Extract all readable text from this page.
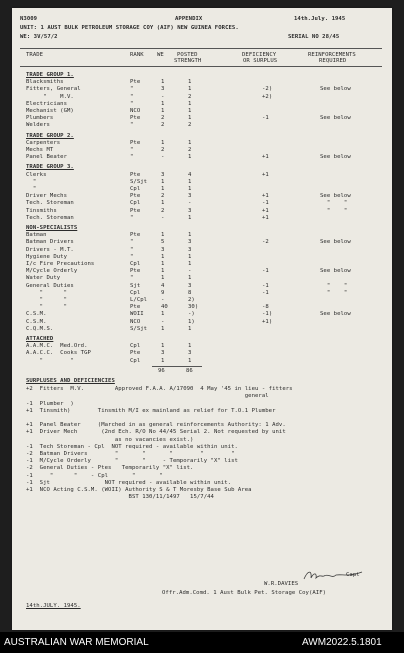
N3009	APPENDIX	14th.July. 1945
UNIT: 1 AUST BULK PETROLEUM STORAGE COY (AIF) NEW GUINEA FORCES.
WE: 3V/57/2	SERIAL NO 28/45
TRADE	RANK WE POSTED
STRENGTH
DEFICIENCY
OR SURPLUS
REINFORCEMENTS
REQUIRED
TRADE GROUP 1.
Blacksmiths	Pte	1	1
Fitters, General	"	3	1	-2)	See below
"    M.V.	"	-	2	+2)
Electricians	"	1	1
Mechanist (GM)	NCO	1	1
Plumbers	Pte	2	1	-1	See below
Welders	"	2	2
TRADE GROUP 2.
Carpenters	Pte	1	1
Mechs MT	"	2	2
Panel Beater	"	-	1	+1	See below
TRADE GROUP 3.
Clerks	Pte	3	4	+1
"	S/Sjt 1	1
"	Cpl	1	1
Driver Mechs	Pte	2	3	+1	See below
Tech. Storeman	Cpl	1	-	-1	"    "
Tinsmiths	Pte	2	3	+1	"    "
Tech. Storeman	"	-	1	+1
NON-SPECIALISTS
Batman	Pte	1	1
Batman Drivers	"	5	3	-2	See below
Drivers - M.T.	"	3	3
Hygiene Duty	"	1	1
I/c Fire Precautions	Cpl	1	1
M/Cycle Orderly	Pte	1	-	-1	See below
Water Duty	"	1	1
General Duties	Sjt	4	3	-1	"    "
"      "	Cpl	9	8	-1	"    "
"      "	L/Cpl -	2)
"      "	Pte	40	30)	-8
C.S.M.	WOII	1	-)	-1)	See below
C.S.M.	NCO	-	1)	+1)
C.Q.M.S.	S/Sjt 1	1
ATTACHED
A.A.M.C.  Med.Ord.	Cpl	1	1
A.A.C.C.  Cooks TGP	Pte	3	3
"        "	Cpl	1	1
96	86
SURPLUSES AND DEFICIENCIES
+2  Fitters  M.V.         Approved F.A.A. A/17090  4 May '45 in lieu - fitters
general
-1  Plumber  )
+1  Tinsmith)        Tinsmith M/I ex mainland as relief for T.O.1 Plumber
+1  Panel Beater     (Marched in as general reinforcements Authority: 1 Adv.
+1  Driver Mech       (2nd Ech. R/O No 44/45 Serial 2. Not requested by unit
as no vacancies exist.)
-1  Tech Storeman - Cpl  NOT required - available within unit.
-2  Batman Drivers        "       "       "        "        "
-1  M/Cycle Orderly       "       "     - Temporarily "X" list
-2  General Duties - Ptes   Temporarily "X" list.
-1     "      "    - Cpl       "       "
-1  Sjt                NOT required - available within unit.
+1  NCO Acting C.S.M. (WOII) Authority S & T Moresby Base Sub Area
BST 130/11/1497   15/7/44
Capt
W.R.DAVIES
Offr.Adm.Comd. 1 Aust Bulk Pet. Storage Coy(AIF)
14th.JULY. 1945.
AUSTRALIAN WAR MEMORIAL	AWM2022.5.1801
